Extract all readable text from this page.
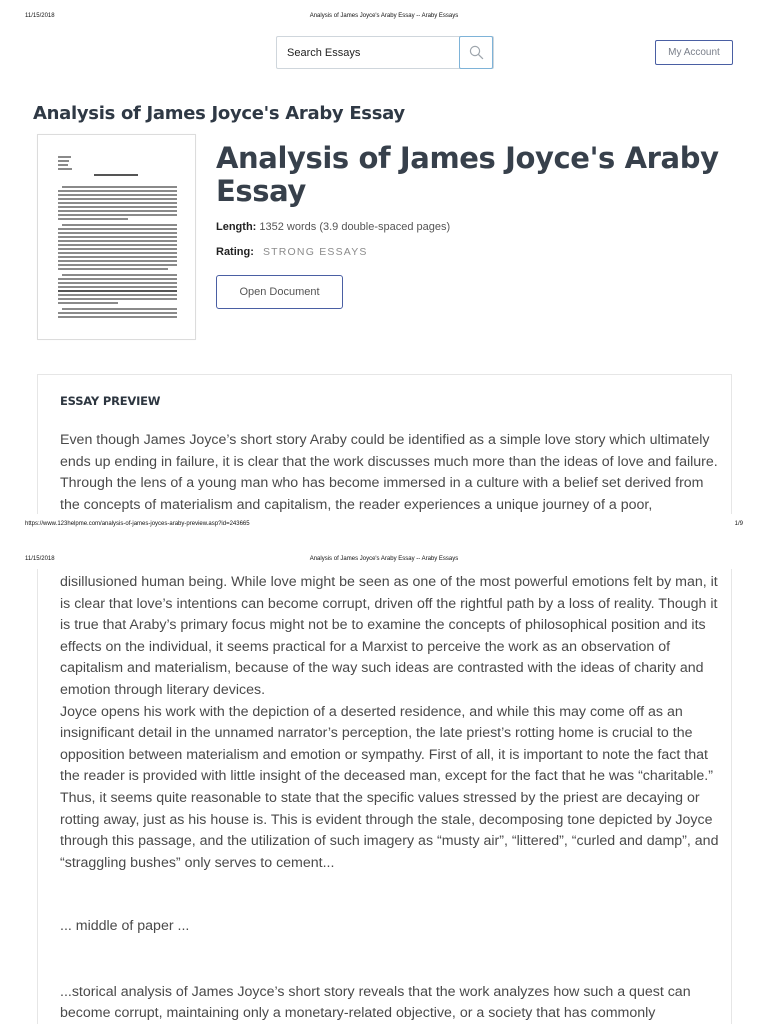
11/15/2018	Analysis of James Joyce's Araby Essay -- Araby Essays
Search Essays
My Account
Analysis of James Joyce's Araby Essay
Analysis of James Joyce's Araby Essay
Length: 1352 words (3.9 double-spaced pages)
Rating: STRONG ESSAYS
Open Document
ESSAY PREVIEW
Even though James Joyce’s short story Araby could be identified as a simple love story which ultimately ends up ending in failure, it is clear that the work discusses much more than the ideas of love and failure. Through the lens of a young man who has become immersed in a culture with a belief set derived from the concepts of materialism and capitalism, the reader experiences a unique journey of a poor,
https://www.123helpme.com/analysis-of-james-joyces-araby-preview.asp?id=243665	1/9
11/15/2018	Analysis of James Joyce's Araby Essay -- Araby Essays
disillusioned human being. While love might be seen as one of the most powerful emotions felt by man, it is clear that love’s intentions can become corrupt, driven off the rightful path by a loss of reality. Though it is true that Araby’s primary focus might not be to examine the concepts of philosophical position and its effects on the individual, it seems practical for a Marxist to perceive the work as an observation of capitalism and materialism, because of the way such ideas are contrasted with the ideas of charity and emotion through literary devices.
Joyce opens his work with the depiction of a deserted residence, and while this may come off as an insignificant detail in the unnamed narrator’s perception, the late priest’s rotting home is crucial to the opposition between materialism and emotion or sympathy. First of all, it is important to note the fact that the reader is provided with little insight of the deceased man, except for the fact that he was “charitable.” Thus, it seems quite reasonable to state that the specific values stressed by the priest are decaying or rotting away, just as his house is. This is evident through the stale, decomposing tone depicted by Joyce through this passage, and the utilization of such imagery as “musty air”, “littered”, “curled and damp”, and “straggling bushes” only serves to cement...
... middle of paper ...
...storical analysis of James Joyce’s short story reveals that the work analyzes how such a quest can become corrupt, maintaining only a monetary-related objective, or a society that has commonly
